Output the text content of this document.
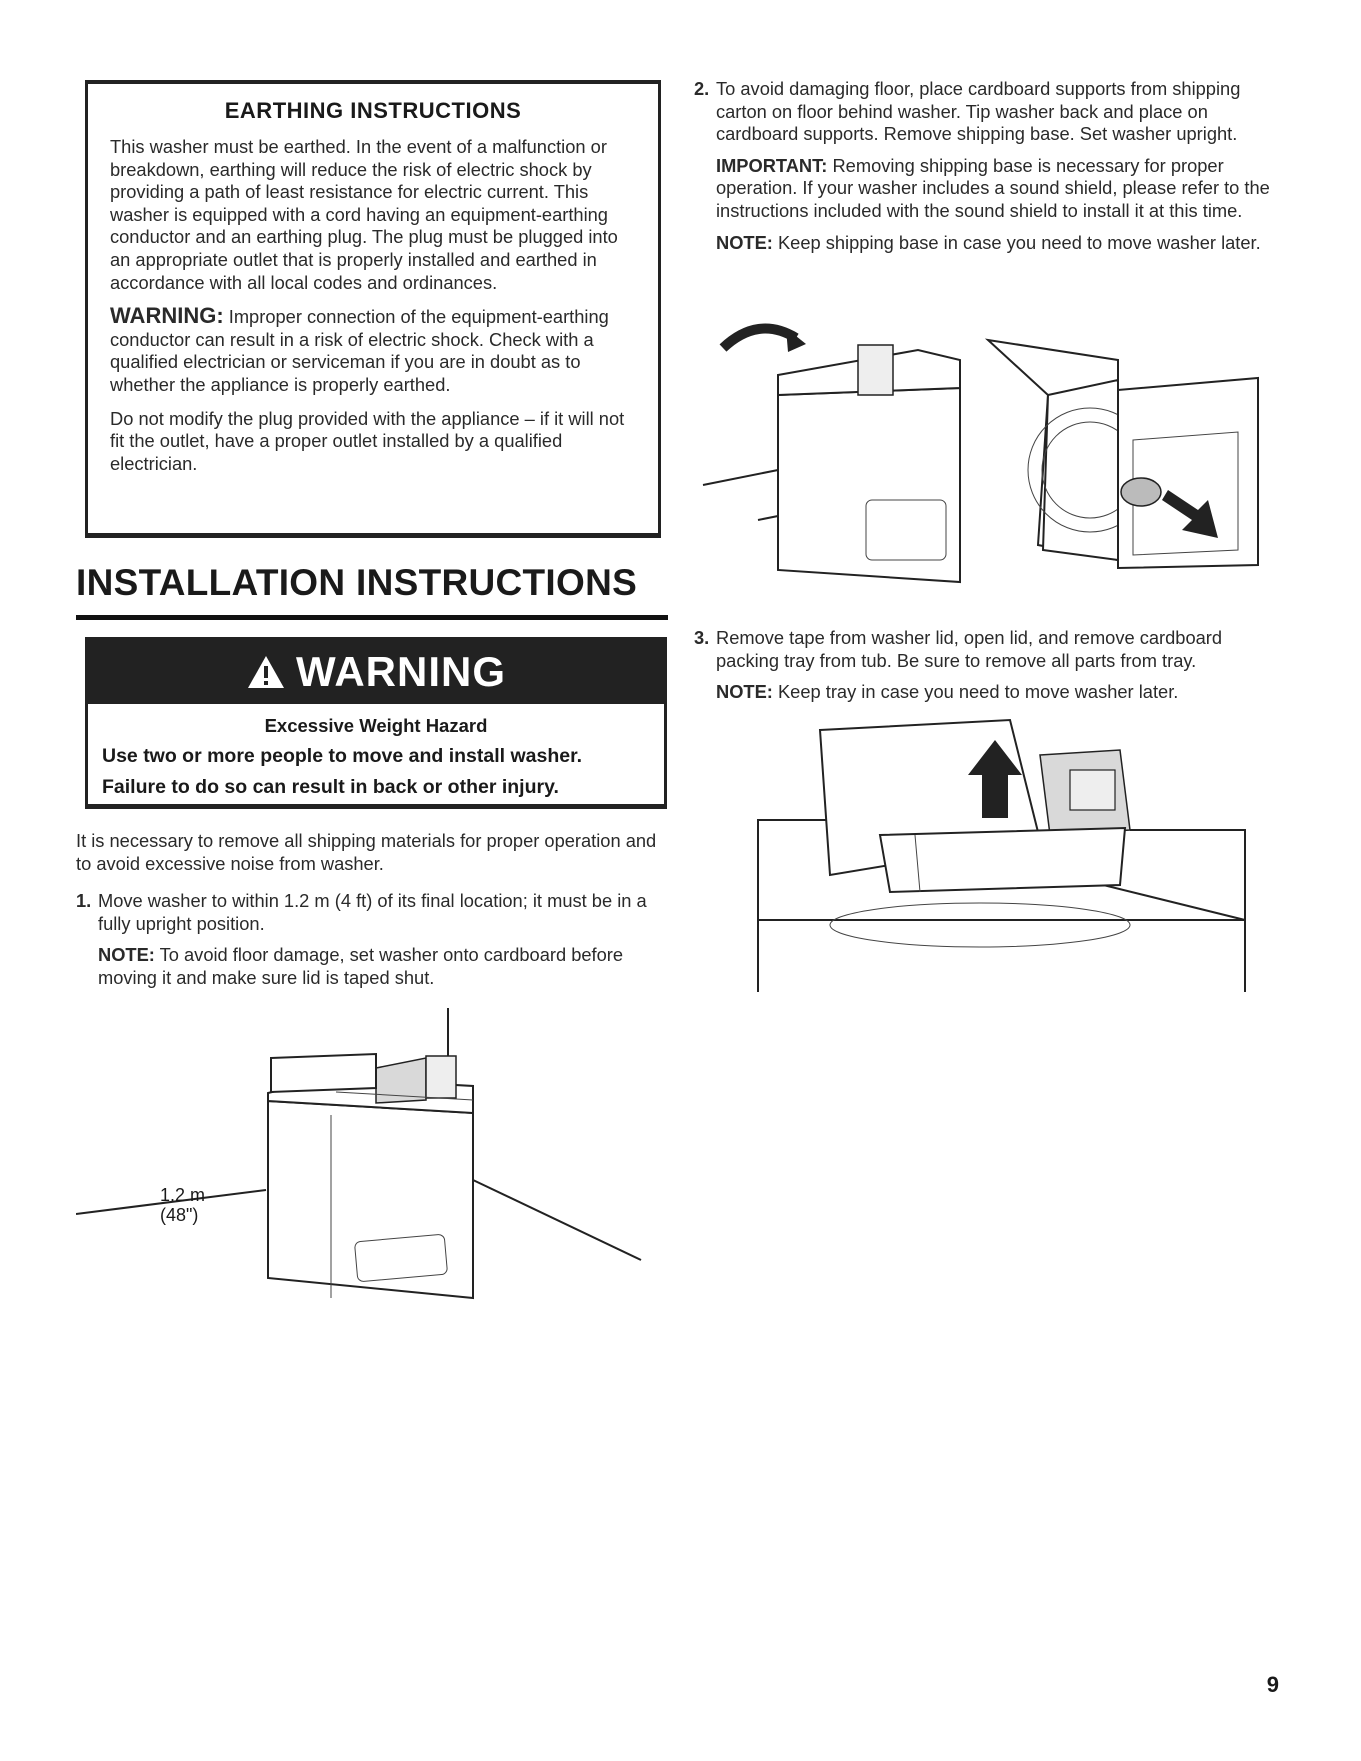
EARTHING INSTRUCTIONS

This washer must be earthed. In the event of a malfunction or breakdown, earthing will reduce the risk of electric shock by providing a path of least resistance for electric current. This washer is equipped with a cord having an equipment-earthing conductor and an earthing plug. The plug must be plugged into an appropriate outlet that is properly installed and earthed in accordance with all local codes and ordinances.

WARNING: Improper connection of the equipment-earthing conductor can result in a risk of electric shock. Check with a qualified electrician or serviceman if you are in doubt as to whether the appliance is properly earthed.

Do not modify the plug provided with the appliance – if it will not fit the outlet, have a proper outlet installed by a qualified electrician.

INSTALLATION INSTRUCTIONS
WARNING
Excessive Weight Hazard
Use two or more people to move and install washer.
Failure to do so can result in back or other injury.

It is necessary to remove all shipping materials for proper operation and to avoid excessive noise from washer.

1. Move washer to within 1.2 m (4 ft) of its final location; it must be in a fully upright position.

NOTE: To avoid floor damage, set washer onto cardboard before moving it and make sure lid is taped shut.

1.2 m
(48")
2. To avoid damaging floor, place cardboard supports from shipping carton on floor behind washer. Tip washer back and place on cardboard supports. Remove shipping base. Set washer upright.

IMPORTANT: Removing shipping base is necessary for proper operation. If your washer includes a sound shield, please refer to the instructions included with the sound shield to install it at this time.

NOTE: Keep shipping base in case you need to move washer later.

3. Remove tape from washer lid, open lid, and remove cardboard packing tray from tub. Be sure to remove all parts from tray.

NOTE: Keep tray in case you need to move washer later.

9
